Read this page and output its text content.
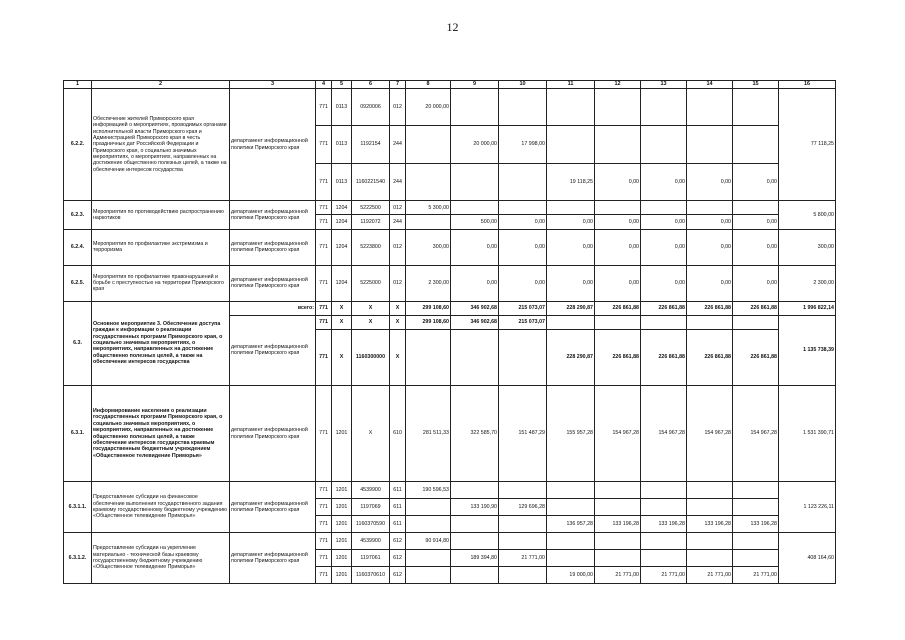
12
1	2	3	4	5	6	7	8	9	10	11	12	13	14	15	16
6.2.2.	Обеспечение жителей Приморского края информацией о мероприятиях, проводимых органами исполнительной власти Приморского края и Администрацией Приморского края в честь праздничных дат Российской Федерации и Приморского края, о социально значимых мероприятиях, о мероприятиях, направленных на достижение общественно полезных целей, а также на обеспечение интересов государства	департамент информационной политики Приморского края	771	0113	0920006	012	20 000,00								77 118,25
			771	0113	1192154	244		20 000,00	17 998,00						
			771	0113	1160221540	244				19 118,25	0,00	0,00	0,00	0,00	
6.2.3.	Мероприятия по противодействию распространению наркотиков	департамент информационной политики Приморского края	771	1204	5222500	012	5 300,00								5 800,00
			771	1204	1192072	244		500,00	0,00	0,00	0,00	0,00	0,00	0,00	
6.2.4.	Мероприятия по профилактике экстремизма и терроризма	департамент информационной политики Приморского края	771	1204	5223800	012	300,00	0,00	0,00	0,00	0,00	0,00	0,00	0,00	300,00
6.2.5.	Мероприятия по профилактике правонарушений и борьбе с преступностью на территории Приморского края	департамент информационной политики Приморского края	771	1204	5225000	012	2 300,00	0,00	0,00	0,00	0,00	0,00	0,00	0,00	2 300,00
6.3.	Основное мероприятие 3. Обеспечение доступа граждан к информации о реализации государственных программ Приморского края, о социально значимых мероприятиях, о мероприятиях, направленных на достижение общественно полезных целей, а также на обеспечение интересов государства	всего:	771	X	X	X	299 108,60	346 902,68	215 073,07	228 290,87	226 861,88	226 861,88	226 861,88	226 861,88	1 996 822,14
		департамент информационной политики Приморского края	771	X	X	X	299 108,60	346 902,68	215 073,07						1 135 738,39
			771	X	1160300000	X				228 290,87	226 861,88	226 861,88	226 861,88	226 861,88	
6.3.1.	Информирование населения о реализации государственных программ Приморского края, о социально значимых мероприятиях, о мероприятиях, направленных на достижение общественно полезных целей, а также обеспечение интересов государства краевым государственным бюджетным учреждением «Общественное телевидение Приморья»	департамент информационной политики Приморского края	771	1201	X	610	281 511,33	322 585,70	151 487,29	155 957,28	154 967,28	154 967,28	154 967,28	154 967,28	1 531 390,71
6.3.1.1.	Предоставление субсидии на финансовое обеспечение выполнения государственного задания краевому государственному бюджетному учреждению «Общественное телевидение Приморья»	департамент информационной политики Приморского края	771	1201	4539900	611	190 596,53								1 123 226,11
			771	1201	1197069	611		133 190,90	129 696,28						
			771	1201	1160370590	611				136 957,28	133 196,28	133 196,28	133 196,28	133 196,28	
6.3.1.2.	Предоставление субсидии на укрепление материально - технической базы краевому государственному бюджетному учреждению «Общественное телевидение Приморья»	департамент информационной политики Приморского края	771	1201	4539900	612	90 914,80								408 164,60
			771	1201	1197061	612		189 394,80	21 771,00						
			771	1201	1160370610	612				19 000,00	21 771,00	21 771,00	21 771,00	21 771,00	
